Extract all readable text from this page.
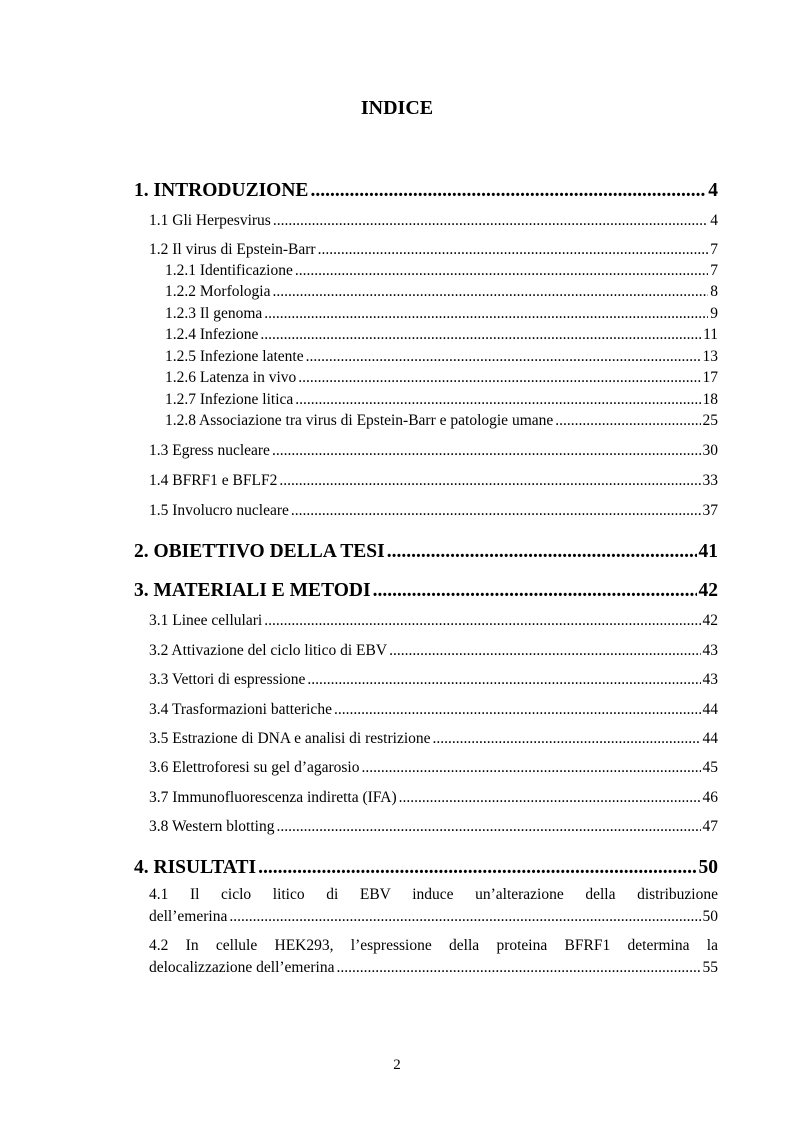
INDICE
1. INTRODUZIONE .....	4
1.1 Gli Herpesvirus .....	4
1.2 Il virus di Epstein-Barr .....	7
1.2.1 Identificazione .....	7
1.2.2 Morfologia .....	8
1.2.3 Il genoma .....	9
1.2.4 Infezione .....	11
1.2.5 Infezione latente .....	13
1.2.6 Latenza in vivo .....	17
1.2.7 Infezione litica .....	18
1.2.8 Associazione tra virus di Epstein-Barr e patologie umane .....	25
1.3 Egress nucleare .....	30
1.4 BFRF1 e BFLF2 .....	33
1.5 Involucro nucleare .....	37
2. OBIETTIVO DELLA TESI .....	41
3. MATERIALI E METODI .....	42
3.1 Linee cellulari .....	42
3.2 Attivazione del ciclo litico di EBV .....	43
3.3 Vettori di espressione .....	43
3.4 Trasformazioni batteriche .....	44
3.5 Estrazione di DNA e analisi di restrizione .....	44
3.6 Elettroforesi su gel d’agarosio .....	45
3.7 Immunofluorescenza indiretta (IFA) .....	46
3.8 Western blotting .....	47
4. RISULTATI .....	50
4.1 Il ciclo litico di EBV induce un’alterazione della distribuzione
dell’emerina .....	50
4.2 In cellule HEK293, l’espressione della proteina BFRF1 determina la
delocalizzazione dell’emerina .....	55
2
